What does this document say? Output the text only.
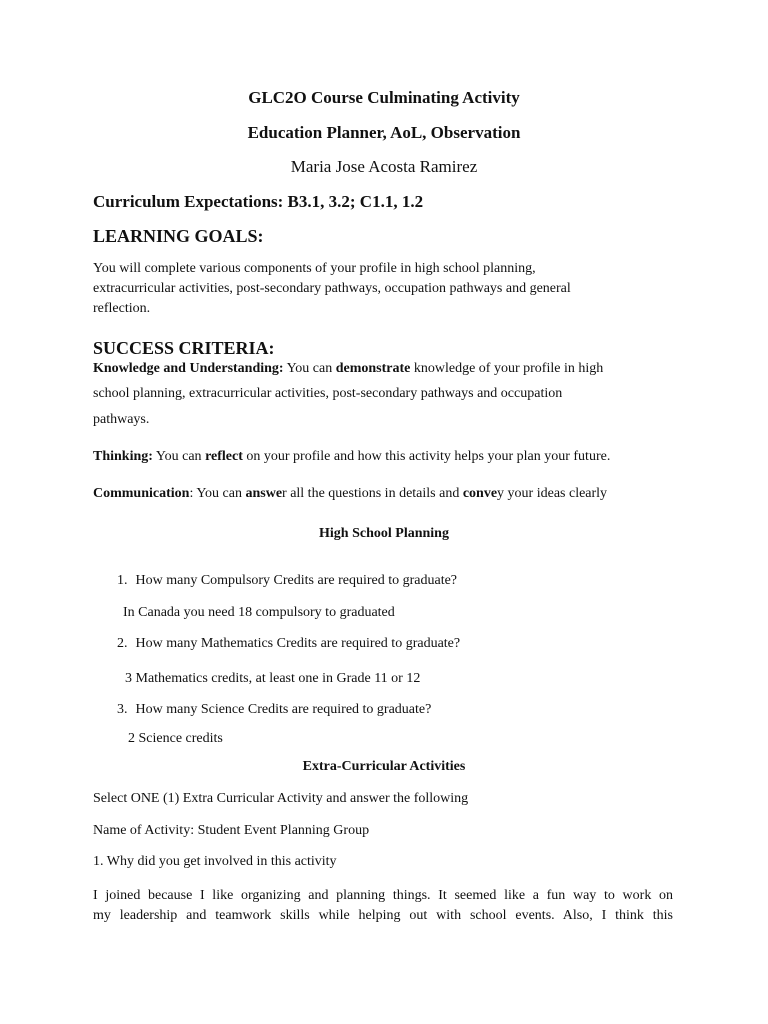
GLC2O Course Culminating Activity

Education Planner, AoL, Observation

Maria Jose Acosta Ramirez

Curriculum Expectations: B3.1, 3.2; C1.1, 1.2

LEARNING GOALS:

You will complete various components of your profile in high school planning,

extracurricular activities, post-secondary pathways, occupation pathways and general

reflection.

SUCCESS CRITERIA:

Knowledge and Understanding: You can demonstrate knowledge of your profile in high

school planning, extracurricular activities, post-secondary pathways and occupation

pathways.

Thinking: You can reflect on your profile and how this activity helps your plan your future.

Communication: You can answer all the questions in details and convey your ideas clearly

High School Planning

1. How many Compulsory Credits are required to graduate?

In Canada you need 18 compulsory to graduated

2. How many Mathematics Credits are required to graduate?

3 Mathematics credits, at least one in Grade 11 or 12

3. How many Science Credits are required to graduate?

2 Science credits

Extra-Curricular Activities

Select ONE (1) Extra Curricular Activity and answer the following

Name of Activity: Student Event Planning Group

1. Why did you get involved in this activity

I joined because I like organizing and planning things. It seemed like a fun way to work on

my leadership and teamwork skills while helping out with school events. Also, I think this
